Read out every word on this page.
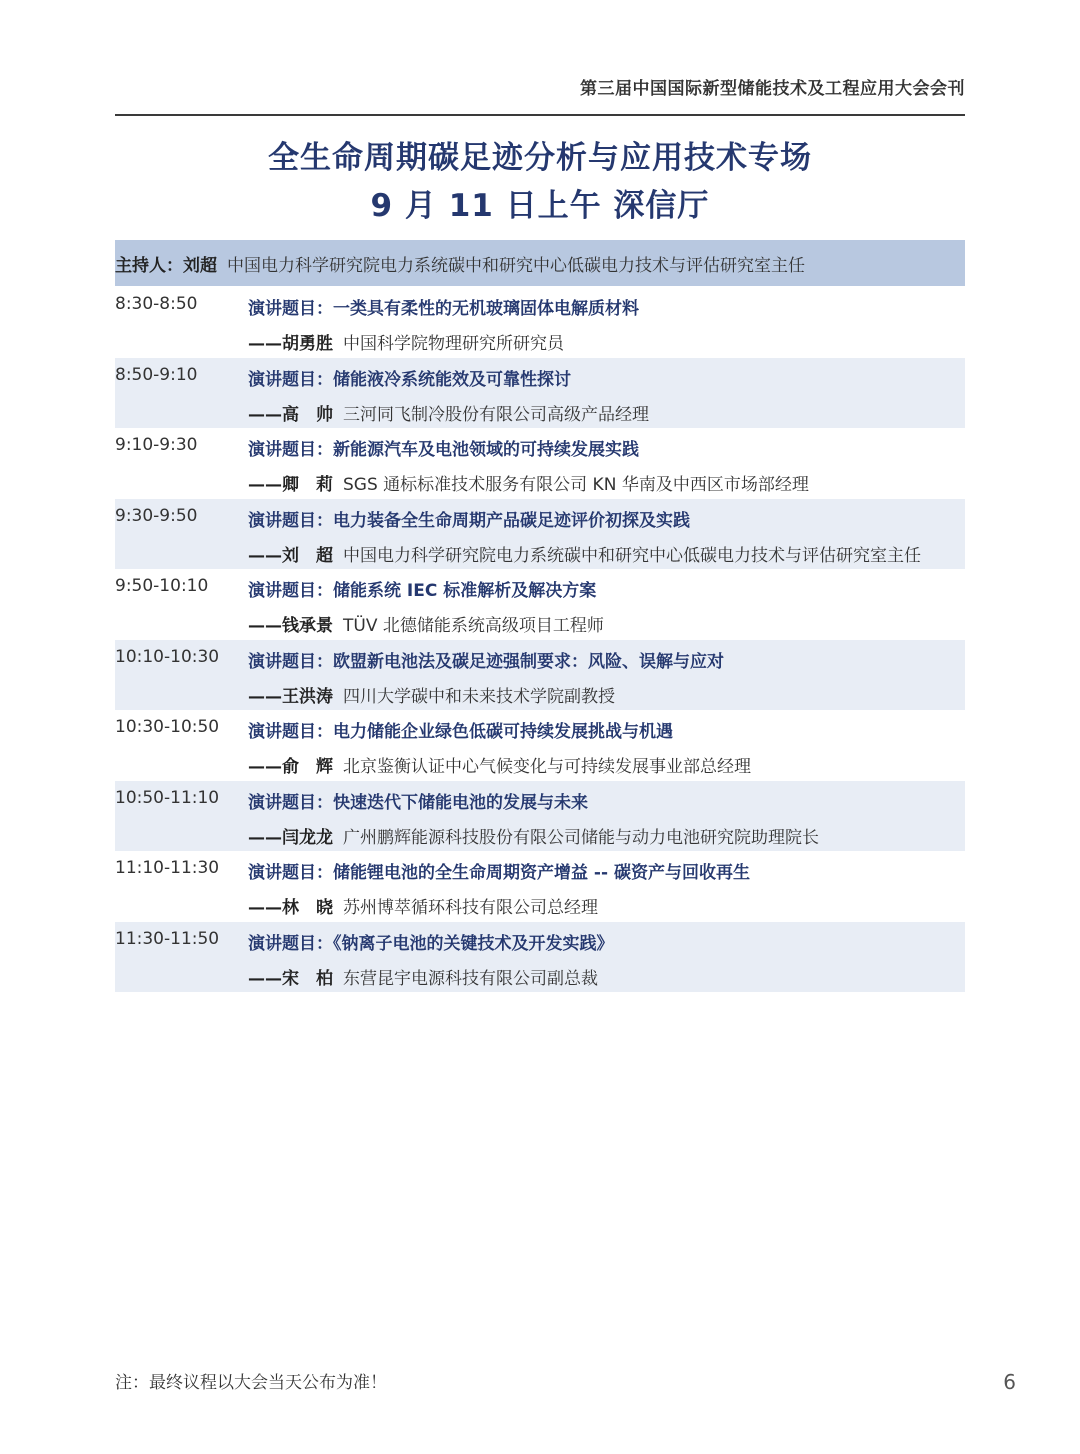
第三届中国国际新型储能技术及工程应用大会会刊
全生命周期碳足迹分析与应用技术专场
9 月 11 日上午 深信厅
主持人：刘超 中国电力科学研究院电力系统碳中和研究中心低碳电力技术与评估研究室主任
8:30-8:50	演讲题目：一类具有柔性的无机玻璃固体电解质材料
——胡勇胜 中国科学院物理研究所研究员
8:50-9:10	演讲题目：储能液冷系统能效及可靠性探讨
——高　帅 三河同飞制冷股份有限公司高级产品经理
9:10-9:30	演讲题目：新能源汽车及电池领域的可持续发展实践
——卿　莉 SGS 通标标准技术服务有限公司 KN 华南及中西区市场部经理
9:30-9:50	演讲题目：电力装备全生命周期产品碳足迹评价初探及实践
——刘　超 中国电力科学研究院电力系统碳中和研究中心低碳电力技术与评估研究室主任
9:50-10:10 演讲题目：储能系统 IEC 标准解析及解决方案
——钱承景 TÜV 北德储能系统高级项目工程师
10:10-10:30 演讲题目：欧盟新电池法及碳足迹强制要求：风险、误解与应对
——王洪涛 四川大学碳中和未来技术学院副教授
10:30-10:50 演讲题目：电力储能企业绿色低碳可持续发展挑战与机遇
——俞　辉 北京鉴衡认证中心气候变化与可持续发展事业部总经理
10:50-11:10 演讲题目：快速迭代下储能电池的发展与未来
——闫龙龙 广州鹏辉能源科技股份有限公司储能与动力电池研究院助理院长
11:10-11:30 演讲题目：储能锂电池的全生命周期资产增益 -- 碳资产与回收再生
——林　晓 苏州博萃循环科技有限公司总经理
11:30-11:50 演讲题目：《钠离子电池的关键技术及开发实践》
——宋　柏 东营昆宇电源科技有限公司副总裁
注：最终议程以大会当天公布为准！	6
